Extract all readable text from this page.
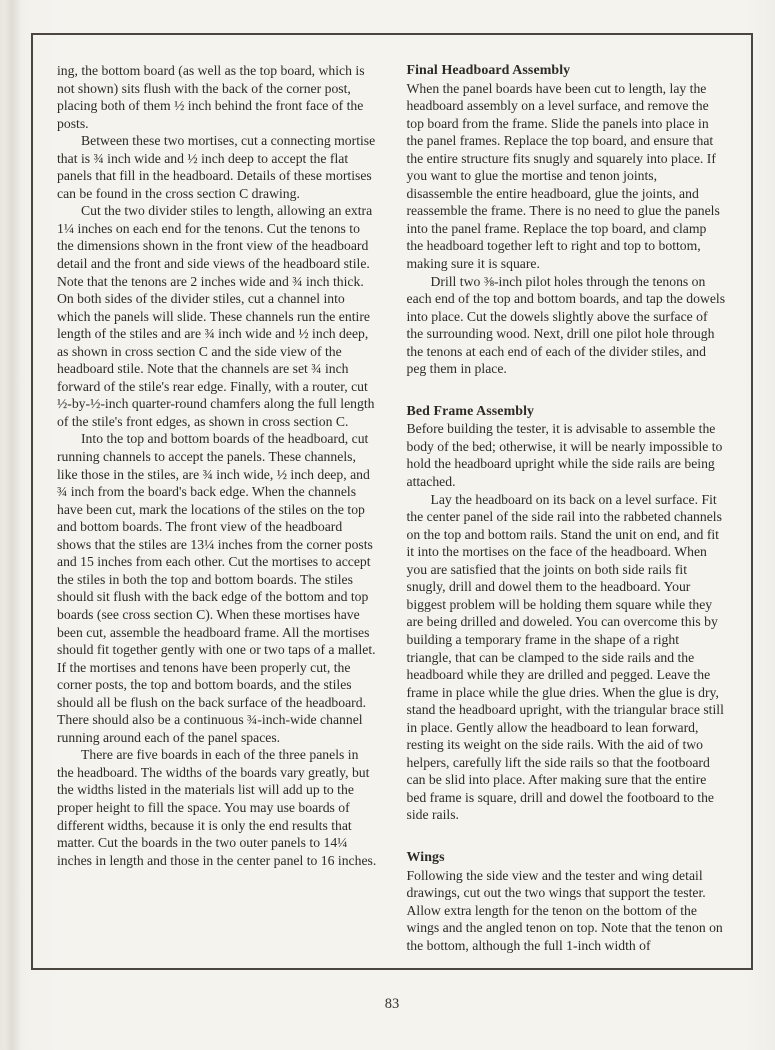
ing, the bottom board (as well as the top board, which is not shown) sits flush with the back of the corner post, placing both of them ½ inch behind the front face of the posts.

Between these two mortises, cut a connecting mortise that is ¾ inch wide and ½ inch deep to accept the flat panels that fill in the headboard. Details of these mortises can be found in the cross section C drawing.

Cut the two divider stiles to length, allowing an extra 1¼ inches on each end for the tenons. Cut the tenons to the dimensions shown in the front view of the headboard detail and the front and side views of the headboard stile. Note that the tenons are 2 inches wide and ¾ inch thick. On both sides of the divider stiles, cut a channel into which the panels will slide. These channels run the entire length of the stiles and are ¾ inch wide and ½ inch deep, as shown in cross section C and the side view of the headboard stile. Note that the channels are set ¾ inch forward of the stile's rear edge. Finally, with a router, cut ½-by-½-inch quarter-round chamfers along the full length of the stile's front edges, as shown in cross section C.

Into the top and bottom boards of the headboard, cut running channels to accept the panels. These channels, like those in the stiles, are ¾ inch wide, ½ inch deep, and ¾ inch from the board's back edge. When the channels have been cut, mark the locations of the stiles on the top and bottom boards. The front view of the headboard shows that the stiles are 13¼ inches from the corner posts and 15 inches from each other. Cut the mortises to accept the stiles in both the top and bottom boards. The stiles should sit flush with the back edge of the bottom and top boards (see cross section C). When these mortises have been cut, assemble the headboard frame. All the mortises should fit together gently with one or two taps of a mallet. If the mortises and tenons have been properly cut, the corner posts, the top and bottom boards, and the stiles should all be flush on the back surface of the headboard. There should also be a continuous ¾-inch-wide channel running around each of the panel spaces.

There are five boards in each of the three panels in the headboard. The widths of the boards vary greatly, but the widths listed in the materials list will add up to the proper height to fill the space. You may use boards of different widths, because it is only the end results that matter. Cut the boards in the two outer panels to 14¼ inches in length and those in the center panel to 16 inches.

Final Headboard Assembly

When the panel boards have been cut to length, lay the headboard assembly on a level surface, and remove the top board from the frame. Slide the panels into place in the panel frames. Replace the top board, and ensure that the entire structure fits snugly and squarely into place. If you want to glue the mortise and tenon joints, disassemble the entire headboard, glue the joints, and reassemble the frame. There is no need to glue the panels into the panel frame. Replace the top board, and clamp the headboard together left to right and top to bottom, making sure it is square.

Drill two ⅜-inch pilot holes through the tenons on each end of the top and bottom boards, and tap the dowels into place. Cut the dowels slightly above the surface of the surrounding wood. Next, drill one pilot hole through the tenons at each end of each of the divider stiles, and peg them in place.

Bed Frame Assembly

Before building the tester, it is advisable to assemble the body of the bed; otherwise, it will be nearly impossible to hold the headboard upright while the side rails are being attached.

Lay the headboard on its back on a level surface. Fit the center panel of the side rail into the rabbeted channels on the top and bottom rails. Stand the unit on end, and fit it into the mortises on the face of the headboard. When you are satisfied that the joints on both side rails fit snugly, drill and dowel them to the headboard. Your biggest problem will be holding them square while they are being drilled and doweled. You can overcome this by building a temporary frame in the shape of a right triangle, that can be clamped to the side rails and the headboard while they are drilled and pegged. Leave the frame in place while the glue dries. When the glue is dry, stand the headboard upright, with the triangular brace still in place. Gently allow the headboard to lean forward, resting its weight on the side rails. With the aid of two helpers, carefully lift the side rails so that the footboard can be slid into place. After making sure that the entire bed frame is square, drill and dowel the footboard to the side rails.

Wings

Following the side view and the tester and wing detail drawings, cut out the two wings that support the tester. Allow extra length for the tenon on the bottom of the wings and the angled tenon on top. Note that the tenon on the bottom, although the full 1-inch width of

83
